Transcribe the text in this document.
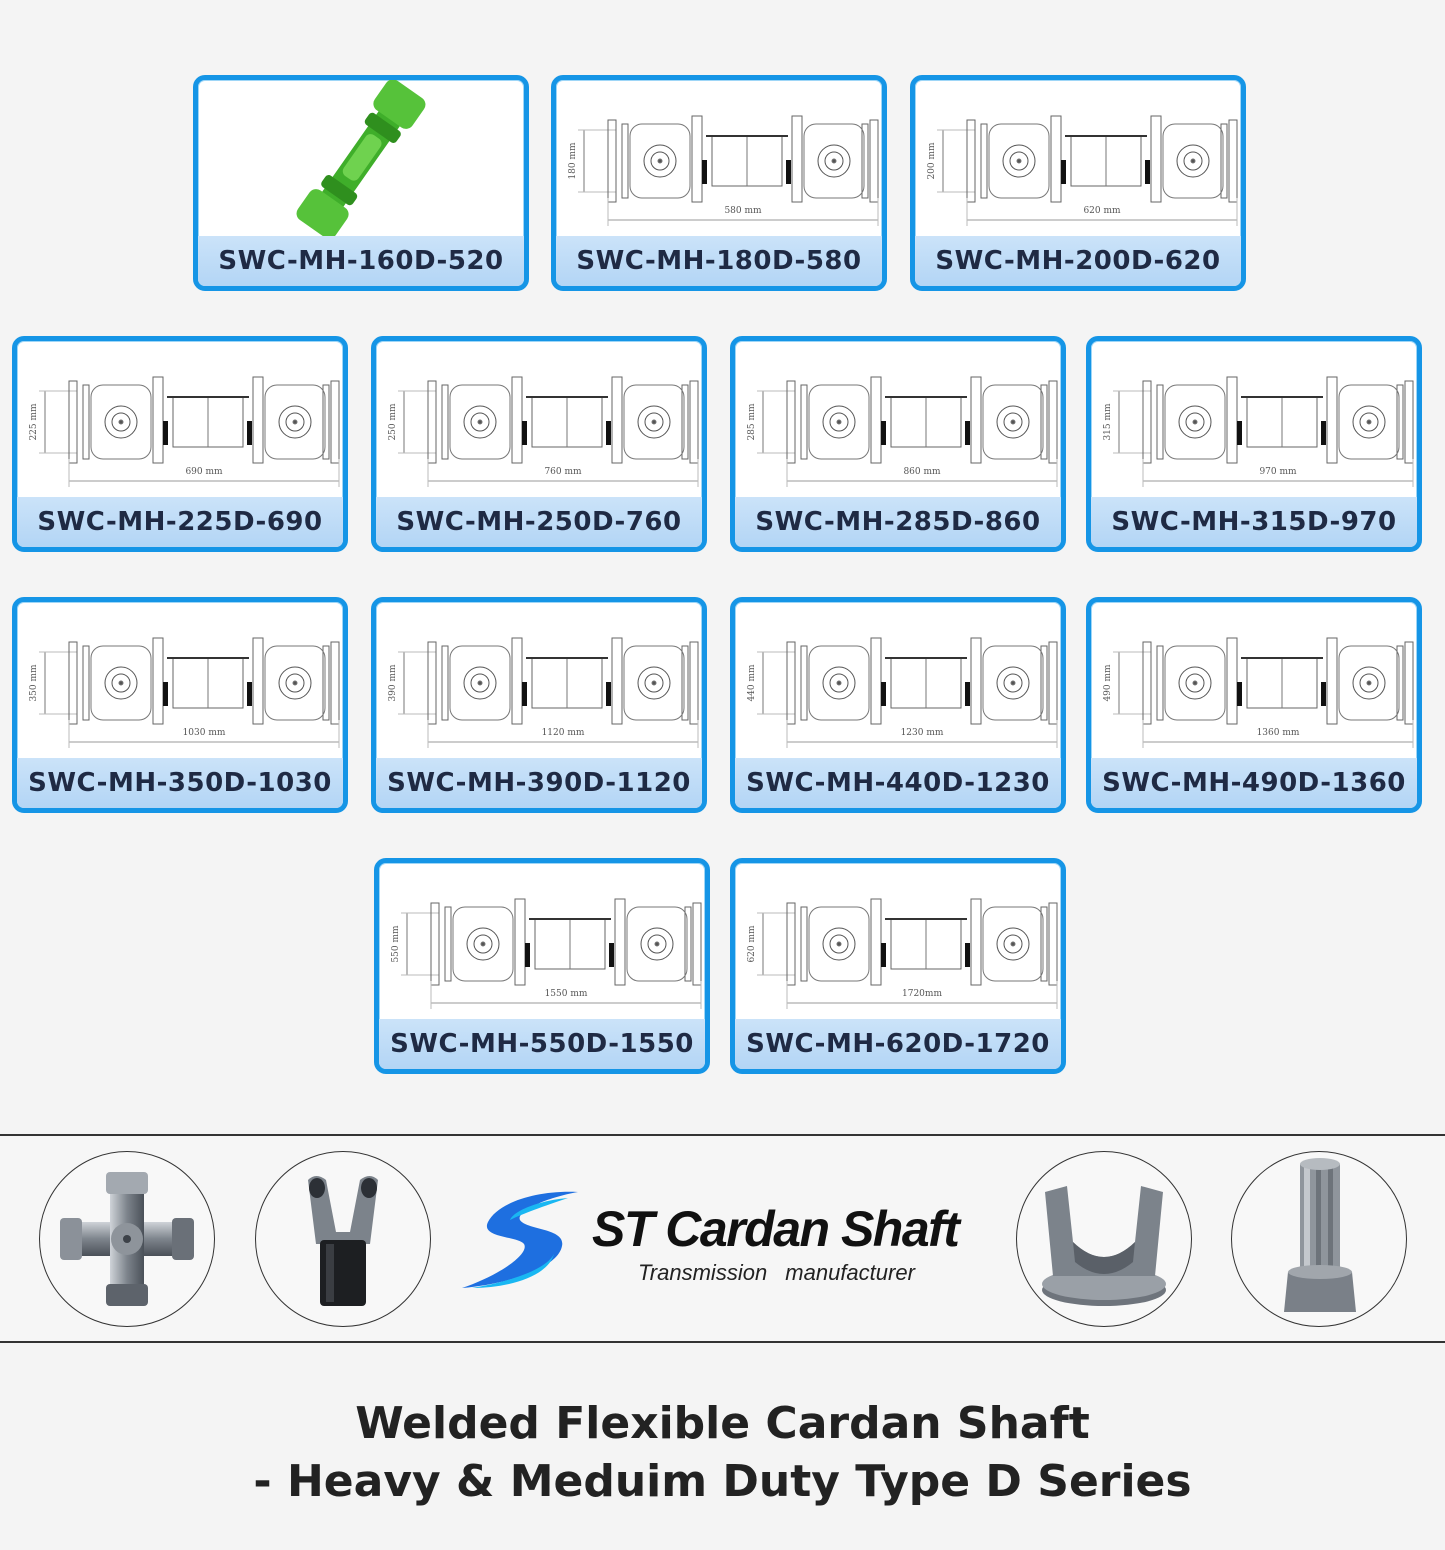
SWC-MH-160D-520
580 mm
180 mm
SWC-MH-180D-580
620 mm
200 mm
SWC-MH-200D-620
690 mm
225 mm
SWC-MH-225D-690
760 mm
250 mm
SWC-MH-250D-760
860 mm
285 mm
SWC-MH-285D-860
970 mm
315 mm
SWC-MH-315D-970
1030 mm
350 mm
SWC-MH-350D-1030
1120 mm
390 mm
SWC-MH-390D-1120
1230 mm
440 mm
SWC-MH-440D-1230
1360 mm
490 mm
SWC-MH-490D-1360
1550 mm
550 mm
SWC-MH-550D-1550
1720mm
620 mm
SWC-MH-620D-1720
ST Cardan Shaft
Transmission manufacturer
Welded Flexible Cardan Shaft
- Heavy & Meduim Duty Type D Series
